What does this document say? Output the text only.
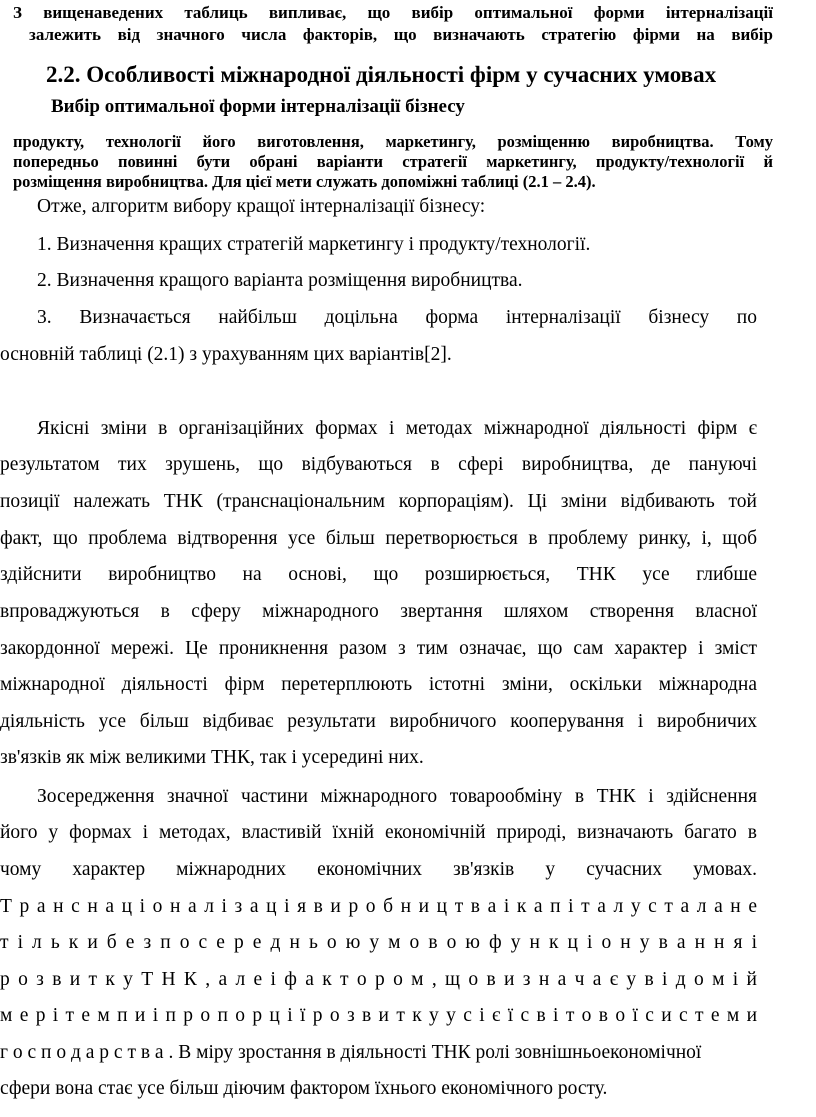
З вищенаведених таблиць випливає, що вибір оптимальної форми інтерналізації

залежить від значного числа факторів, що визначають стратегію фірми на вибір

2.2. Особливості міжнародної діяльності фірм у сучасних умовах
Вибір оптимальної форми інтерналізації бізнесу

продукту, технології його виготовлення, маркетингу, розміщенню виробництва. Тому

попередньо повинні бути обрані варіанти стратегії маркетингу, продукту/технології й

розміщення виробництва. Для цієї мети служать допоміжні таблиці (2.1 – 2.4).

Отже, алгоритм вибору кращої інтерналізації бізнесу:

1. Визначення кращих стратегій маркетингу і продукту/технології.

2. Визначення кращого варіанта розміщення виробництва.

3. Визначається найбільш доцільна форма інтерналізації бізнесу по

основній таблиці (2.1) з урахуванням цих варіантів[2].

Якісні зміни в організаційних формах і методах міжнародної діяльності фірм є

результатом тих зрушень, що відбуваються в сфері виробництва, де пануючі

позиції належать ТНК (транснаціональним корпораціям). Ці зміни відбивають той

факт, що проблема відтворення усе більш перетворюється в проблему ринку, і, щоб

здійснити виробництво на основі, що розширюється, ТНК усе глибше

впроваджуються в сферу міжнародного звертання шляхом створення власної

закордонної мережі. Це проникнення разом з тим означає, що сам характер і зміст

міжнародної діяльності фірм перетерплюють істотні зміни, оскільки міжнародна

діяльність усе більш відбиває результати виробничого кооперування і виробничих

зв'язків як між великими ТНК, так і усередині них.

Зосередження значної частини міжнародного товарообміну в ТНК і здійснення

його у формах і методах, властивій їхній економічній природі, визначають багато в

чому характер міжнародних економічних зв'язків у сучасних умовах.

Т р а н с н а ц і о н а л і з а ц і я в и р о б н и ц т в а і к а п і т а л у с т а л а н е

т і л ь к и б е з п о с е р е д н ь о ю у м о в о ю ф у н к ц і о н у в а н н я і

р о з в и т к у Т Н К , а л е і ф а к т о р о м , щ о в и з н а ч а є у в і д о м і й

м е р і т е м п и і п р о п о р ц і ї р о з в и т к у у с і є ї с в і т о в о ї с и с т е м и

г о с п о д а р с т в а . В міру зростання в діяльності ТНК ролі зовнішньоекономічної

сфери вона стає усе більш діючим фактором їхнього економічного росту.
